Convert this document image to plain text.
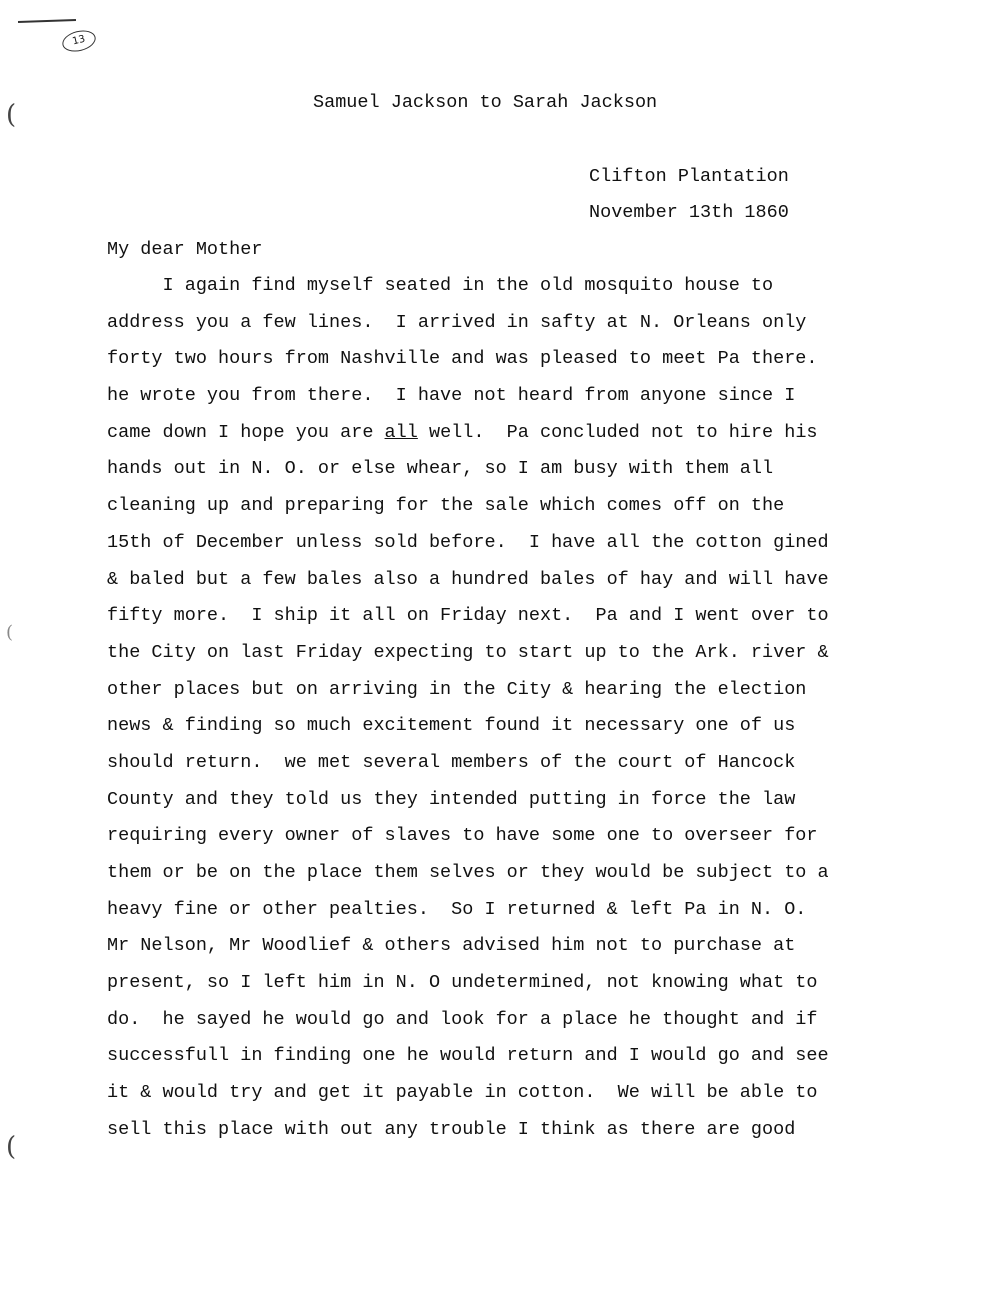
13
(
(
(
Samuel Jackson to Sarah Jackson
Clifton Plantation
November 13th 1860
My dear Mother
I again find myself seated in the old mosquito house to
address you a few lines.  I arrived in safty at N. Orleans only
forty two hours from Nashville and was pleased to meet Pa there.
he wrote you from there.  I have not heard from anyone since I
came down I hope you are all well.  Pa concluded not to hire his
hands out in N. O. or else whear, so I am busy with them all
cleaning up and preparing for the sale which comes off on the
15th of December unless sold before.  I have all the cotton gined
& baled but a few bales also a hundred bales of hay and will have
fifty more.  I ship it all on Friday next.  Pa and I went over to
the City on last Friday expecting to start up to the Ark. river &
other places but on arriving in the City & hearing the election
news & finding so much excitement found it necessary one of us
should return.  we met several members of the court of Hancock
County and they told us they intended putting in force the law
requiring every owner of slaves to have some one to overseer for
them or be on the place them selves or they would be subject to a
heavy fine or other pealties.  So I returned & left Pa in N. O.
Mr Nelson, Mr Woodlief & others advised him not to purchase at
present, so I left him in N. O undetermined, not knowing what to
do.  he sayed he would go and look for a place he thought and if
successfull in finding one he would return and I would go and see
it & would try and get it payable in cotton.  We will be able to
sell this place with out any trouble I think as there are good
